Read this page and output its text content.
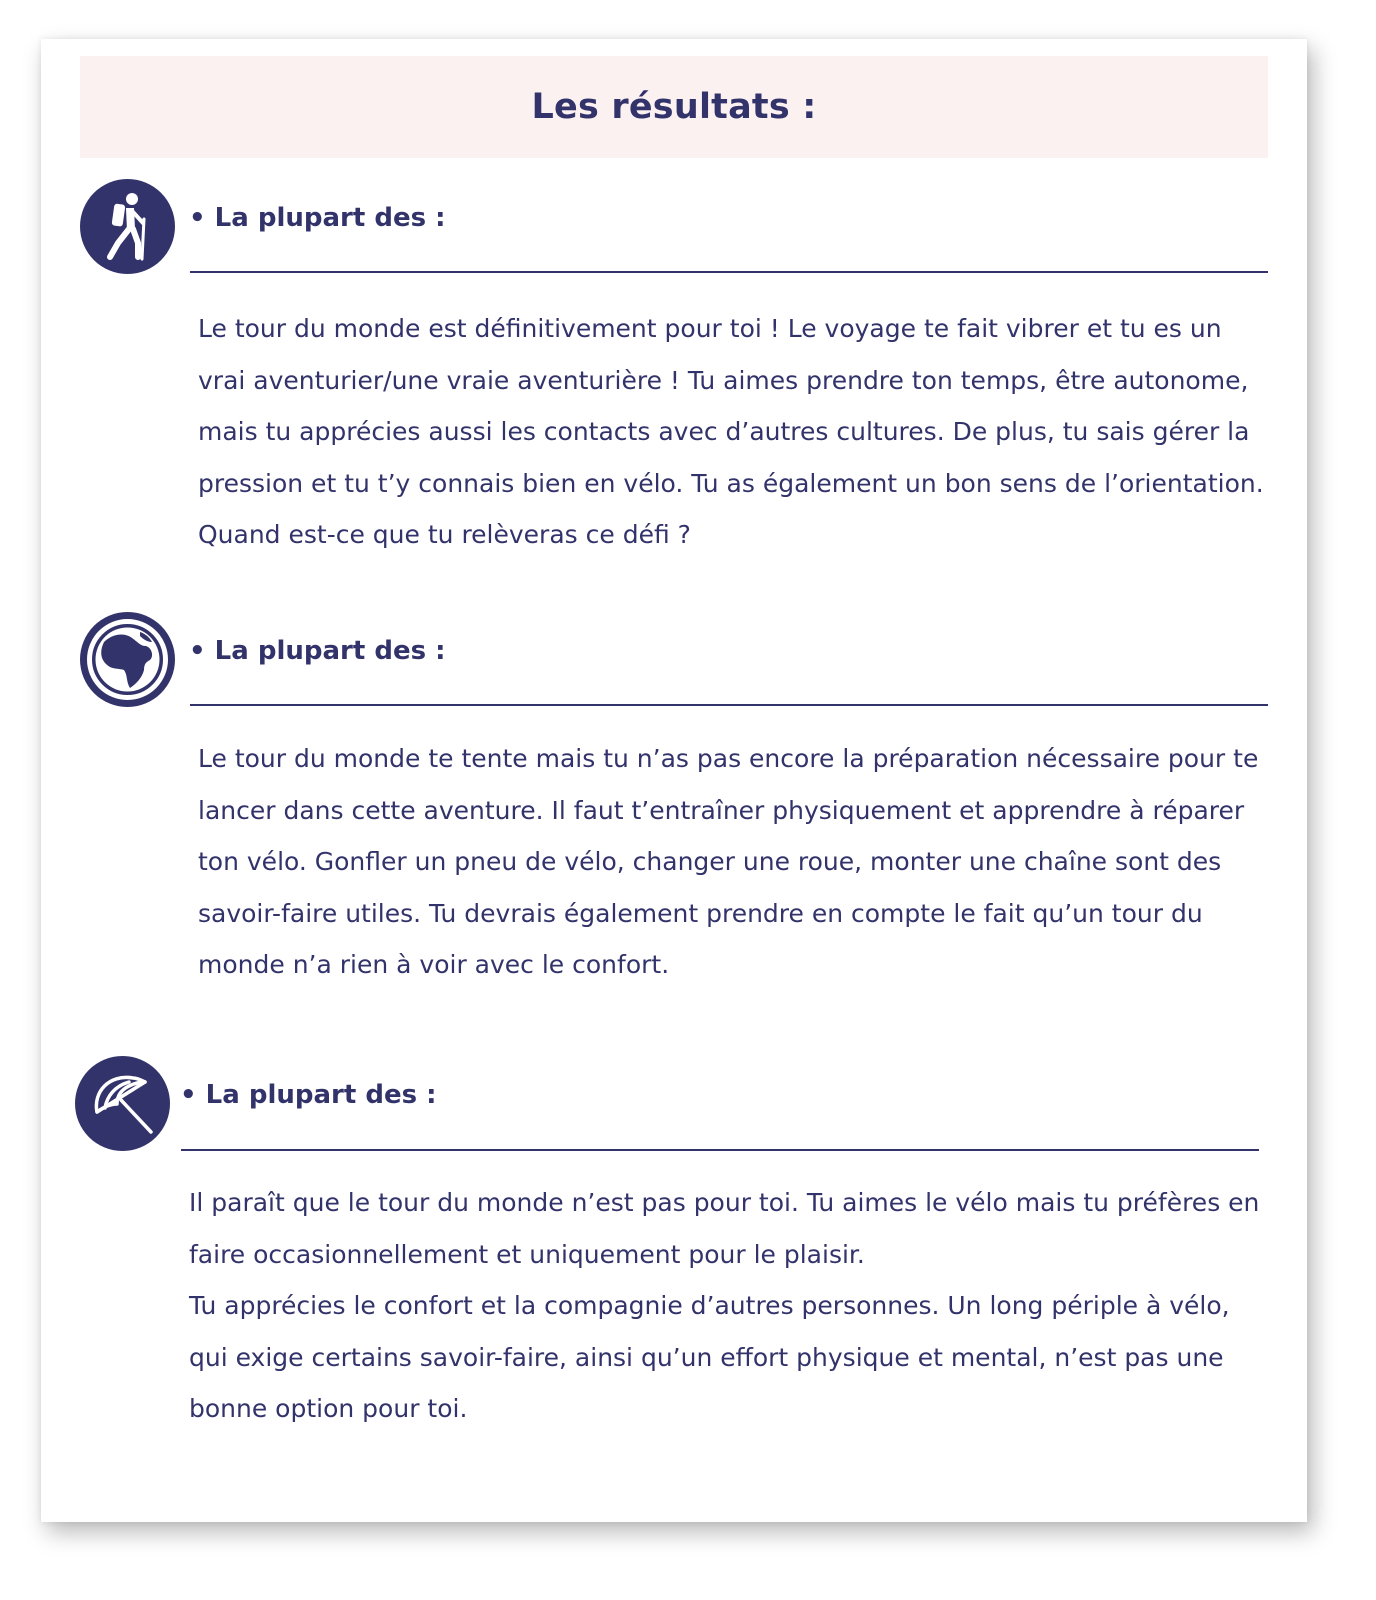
Les résultats :
• La plupart des :
Le tour du monde est définitivement pour toi ! Le voyage te fait vibrer et tu es un vrai aventurier/une vraie aventurière ! Tu aimes prendre ton temps, être autonome, mais tu apprécies aussi les contacts avec d’autres cultures. De plus, tu sais gérer la pression et tu t’y connais bien en vélo. Tu as également un bon sens de l’orientation. Quand est-ce que tu relèveras ce défi ?
• La plupart des :
Le tour du monde te tente mais tu n’as pas encore la préparation nécessaire pour te lancer dans cette aventure. Il faut t’entraîner physiquement et apprendre à réparer ton vélo. Gonfler un pneu de vélo, changer une roue, monter une chaîne sont des savoir-faire utiles. Tu devrais également prendre en compte le fait qu’un tour du monde n’a rien à voir avec le confort.
• La plupart des :
Il paraît que le tour du monde n’est pas pour toi. Tu aimes le vélo mais tu préfères en faire occasionnellement et uniquement pour le plaisir.
Tu apprécies le confort et la compagnie d’autres personnes. Un long périple à vélo, qui exige certains savoir-faire, ainsi qu’un effort physique et mental, n’est pas une bonne option pour toi.
